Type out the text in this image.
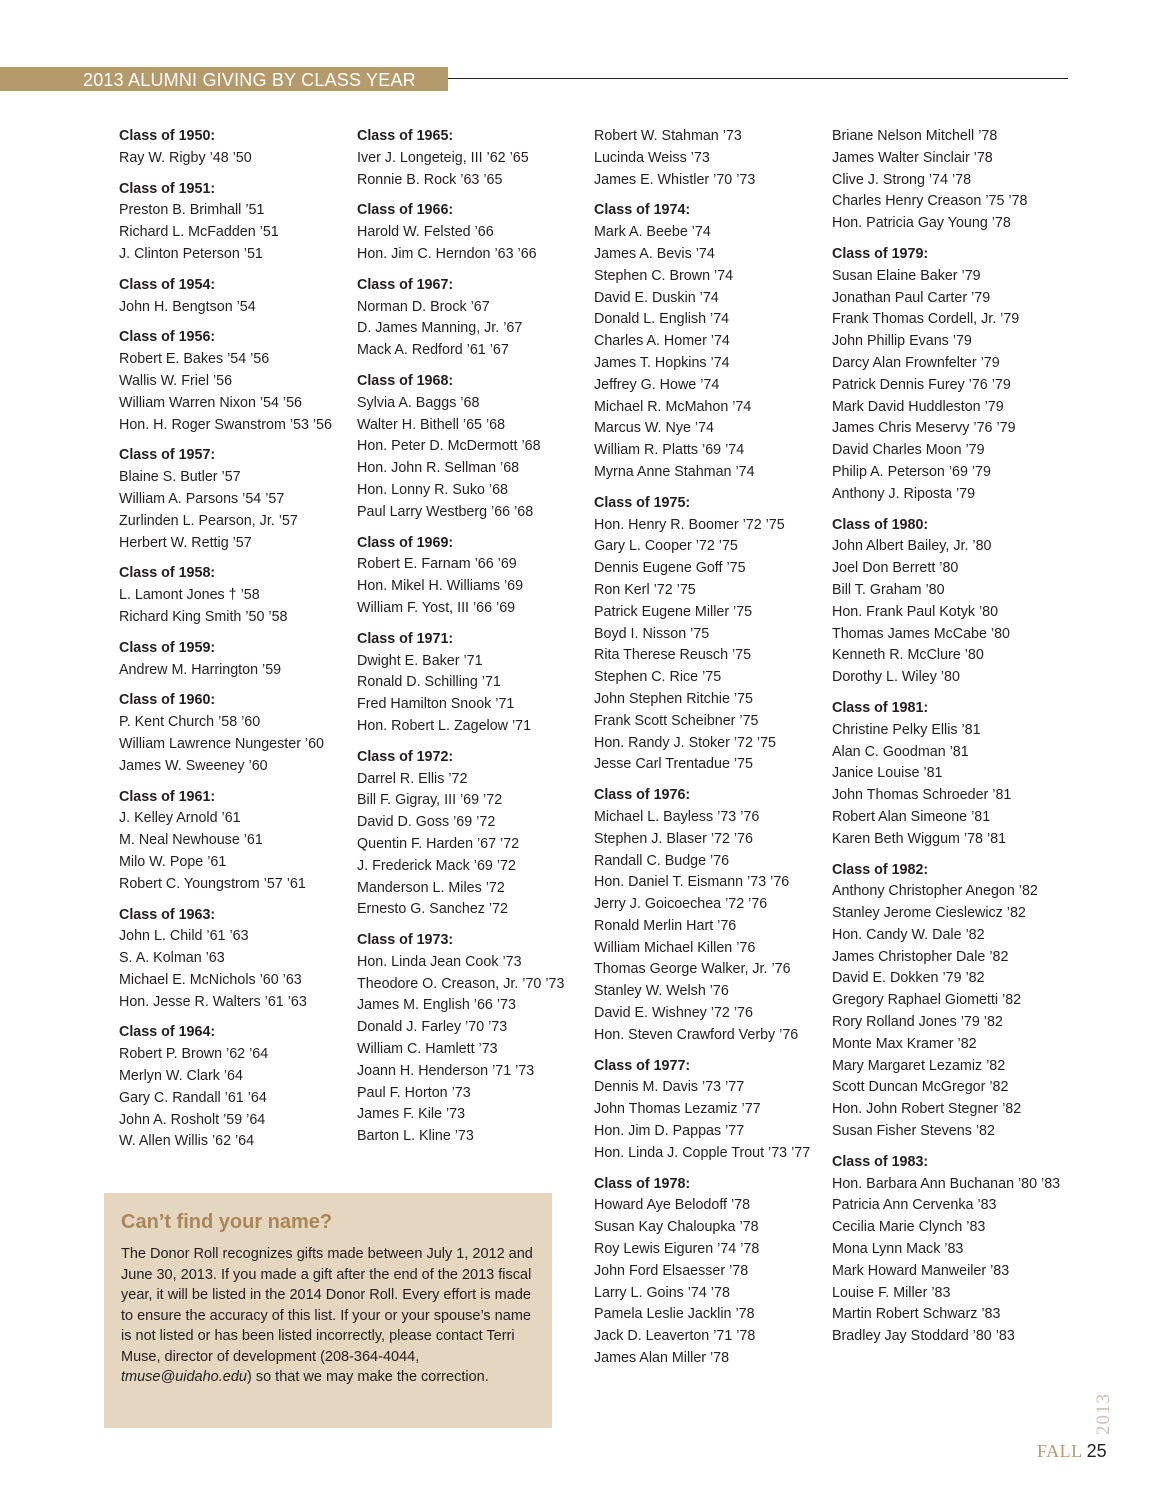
2013 ALUMNI GIVING BY CLASS YEAR
Class of 1950:
Ray W. Rigby ’48 ’50
Class of 1951:
Preston B. Brimhall ’51
Richard L. McFadden ’51
J. Clinton Peterson ’51
Class of 1954:
John H. Bengtson ’54
Class of 1956:
Robert E. Bakes ’54 ’56
Wallis W. Friel ’56
William Warren Nixon ’54 ’56
Hon. H. Roger Swanstrom ’53 ’56
Class of 1957:
Blaine S. Butler ’57
William A. Parsons ’54 ’57
Zurlinden L. Pearson, Jr. ’57
Herbert W. Rettig ’57
Class of 1958:
L. Lamont Jones † ’58
Richard King Smith ’50 ’58
Class of 1959:
Andrew M. Harrington ’59
Class of 1960:
P. Kent Church ’58 ’60
William Lawrence Nungester ’60
James W. Sweeney ’60
Class of 1961:
J. Kelley Arnold ’61
M. Neal Newhouse ’61
Milo W. Pope ’61
Robert C. Youngstrom ’57 ’61
Class of 1963:
John L. Child ’61 ’63
S. A. Kolman ’63
Michael E. McNichols ’60 ’63
Hon. Jesse R. Walters ’61 ’63
Class of 1964:
Robert P. Brown ’62 ’64
Merlyn W. Clark ’64
Gary C. Randall ’61 ’64
John A. Rosholt ’59 ’64
W. Allen Willis ’62 ’64
Class of 1965:
Iver J. Longeteig, III ’62 ’65
Ronnie B. Rock ’63 ’65
Class of 1966:
Harold W. Felsted ’66
Hon. Jim C. Herndon ’63 ’66
Class of 1967:
Norman D. Brock ’67
D. James Manning, Jr. ’67
Mack A. Redford ’61 ’67
Class of 1968:
Sylvia A. Baggs ’68
Walter H. Bithell ’65 ’68
Hon. Peter D. McDermott ’68
Hon. John R. Sellman ’68
Hon. Lonny R. Suko ’68
Paul Larry Westberg ’66 ’68
Class of 1969:
Robert E. Farnam ’66 ’69
Hon. Mikel H. Williams ’69
William F. Yost, III ’66 ’69
Class of 1971:
Dwight E. Baker ’71
Ronald D. Schilling ’71
Fred Hamilton Snook ’71
Hon. Robert L. Zagelow ’71
Class of 1972:
Darrel R. Ellis ’72
Bill F. Gigray, III ’69 ’72
David D. Goss ’69 ’72
Quentin F. Harden ’67 ’72
J. Frederick Mack ’69 ’72
Manderson L. Miles ’72
Ernesto G. Sanchez ’72
Class of 1973:
Hon. Linda Jean Cook ’73
Theodore O. Creason, Jr. ’70 ’73
James M. English ’66 ’73
Donald J. Farley ’70 ’73
William C. Hamlett ’73
Joann H. Henderson ’71 ’73
Paul F. Horton ’73
James F. Kile ’73
Barton L. Kline ’73
Robert W. Stahman ’73
Lucinda Weiss ’73
James E. Whistler ’70 ’73
Class of 1974:
Mark A. Beebe ’74
James A. Bevis ’74
Stephen C. Brown ’74
David E. Duskin ’74
Donald L. English ’74
Charles A. Homer ’74
James T. Hopkins ’74
Jeffrey G. Howe ’74
Michael R. McMahon ’74
Marcus W. Nye ’74
William R. Platts ’69 ’74
Myrna Anne Stahman ’74
Class of 1975:
Hon. Henry R. Boomer ’72 ’75
Gary L. Cooper ’72 ’75
Dennis Eugene Goff ’75
Ron Kerl ’72 ’75
Patrick Eugene Miller ’75
Boyd I. Nisson ’75
Rita Therese Reusch ’75
Stephen C. Rice ’75
John Stephen Ritchie ’75
Frank Scott Scheibner ’75
Hon. Randy J. Stoker ’72 ’75
Jesse Carl Trentadue ’75
Class of 1976:
Michael L. Bayless ’73 ’76
Stephen J. Blaser ’72 ’76
Randall C. Budge ’76
Hon. Daniel T. Eismann ’73 ’76
Jerry J. Goicoechea ’72 ’76
Ronald Merlin Hart ’76
William Michael Killen ’76
Thomas George Walker, Jr. ’76
Stanley W. Welsh ’76
David E. Wishney ’72 ’76
Hon. Steven Crawford Verby ’76
Class of 1977:
Dennis M. Davis ’73 ’77
John Thomas Lezamiz ’77
Hon. Jim D. Pappas ’77
Hon. Linda J. Copple Trout ’73 ’77
Class of 1978:
Howard Aye Belodoff ’78
Susan Kay Chaloupka ’78
Roy Lewis Eiguren ’74 ’78
John Ford Elsaesser ’78
Larry L. Goins ’74 ’78
Pamela Leslie Jacklin ’78
Jack D. Leaverton ’71 ’78
James Alan Miller ’78
Briane Nelson Mitchell ’78
James Walter Sinclair ’78
Clive J. Strong ’74 ’78
Charles Henry Creason ’75 ’78
Hon. Patricia Gay Young ’78
Class of 1979:
Susan Elaine Baker ’79
Jonathan Paul Carter ’79
Frank Thomas Cordell, Jr. ’79
John Phillip Evans ’79
Darcy Alan Frownfelter ’79
Patrick Dennis Furey ’76 ’79
Mark David Huddleston ’79
James Chris Meservy ’76 ’79
David Charles Moon ’79
Philip A. Peterson ’69 ’79
Anthony J. Riposta ’79
Class of 1980:
John Albert Bailey, Jr. ’80
Joel Don Berrett ’80
Bill T. Graham ’80
Hon. Frank Paul Kotyk ’80
Thomas James McCabe ’80
Kenneth R. McClure ’80
Dorothy L. Wiley ’80
Class of 1981:
Christine Pelky Ellis ’81
Alan C. Goodman ’81
Janice Louise ’81
John Thomas Schroeder ’81
Robert Alan Simeone ’81
Karen Beth Wiggum ’78 ’81
Class of 1982:
Anthony Christopher Anegon ’82
Stanley Jerome Cieslewicz ’82
Hon. Candy W. Dale ’82
James Christopher Dale ’82
David E. Dokken ’79 ’82
Gregory Raphael Giometti ’82
Rory Rolland Jones ’79 ’82
Monte Max Kramer ’82
Mary Margaret Lezamiz ’82
Scott Duncan McGregor ’82
Hon. John Robert Stegner ’82
Susan Fisher Stevens ’82
Class of 1983:
Hon. Barbara Ann Buchanan ’80 ’83
Patricia Ann Cervenka ’83
Cecilia Marie Clynch ’83
Mona Lynn Mack ’83
Mark Howard Manweiler ’83
Louise F. Miller ’83
Martin Robert Schwarz ’83
Bradley Jay Stoddard ’80 ’83
Can’t find your name?
The Donor Roll recognizes gifts made between July 1, 2012 and June 30, 2013. If you made a gift after the end of the 2013 fiscal year, it will be listed in the 2014 Donor Roll. Every effort is made to ensure the accuracy of this list. If your or your spouse’s name is not listed or has been listed incorrectly, please contact Terri Muse, director of development (208-364-4044, tmuse@uidaho.edu) so that we may make the correction.
2013
FALL 25
